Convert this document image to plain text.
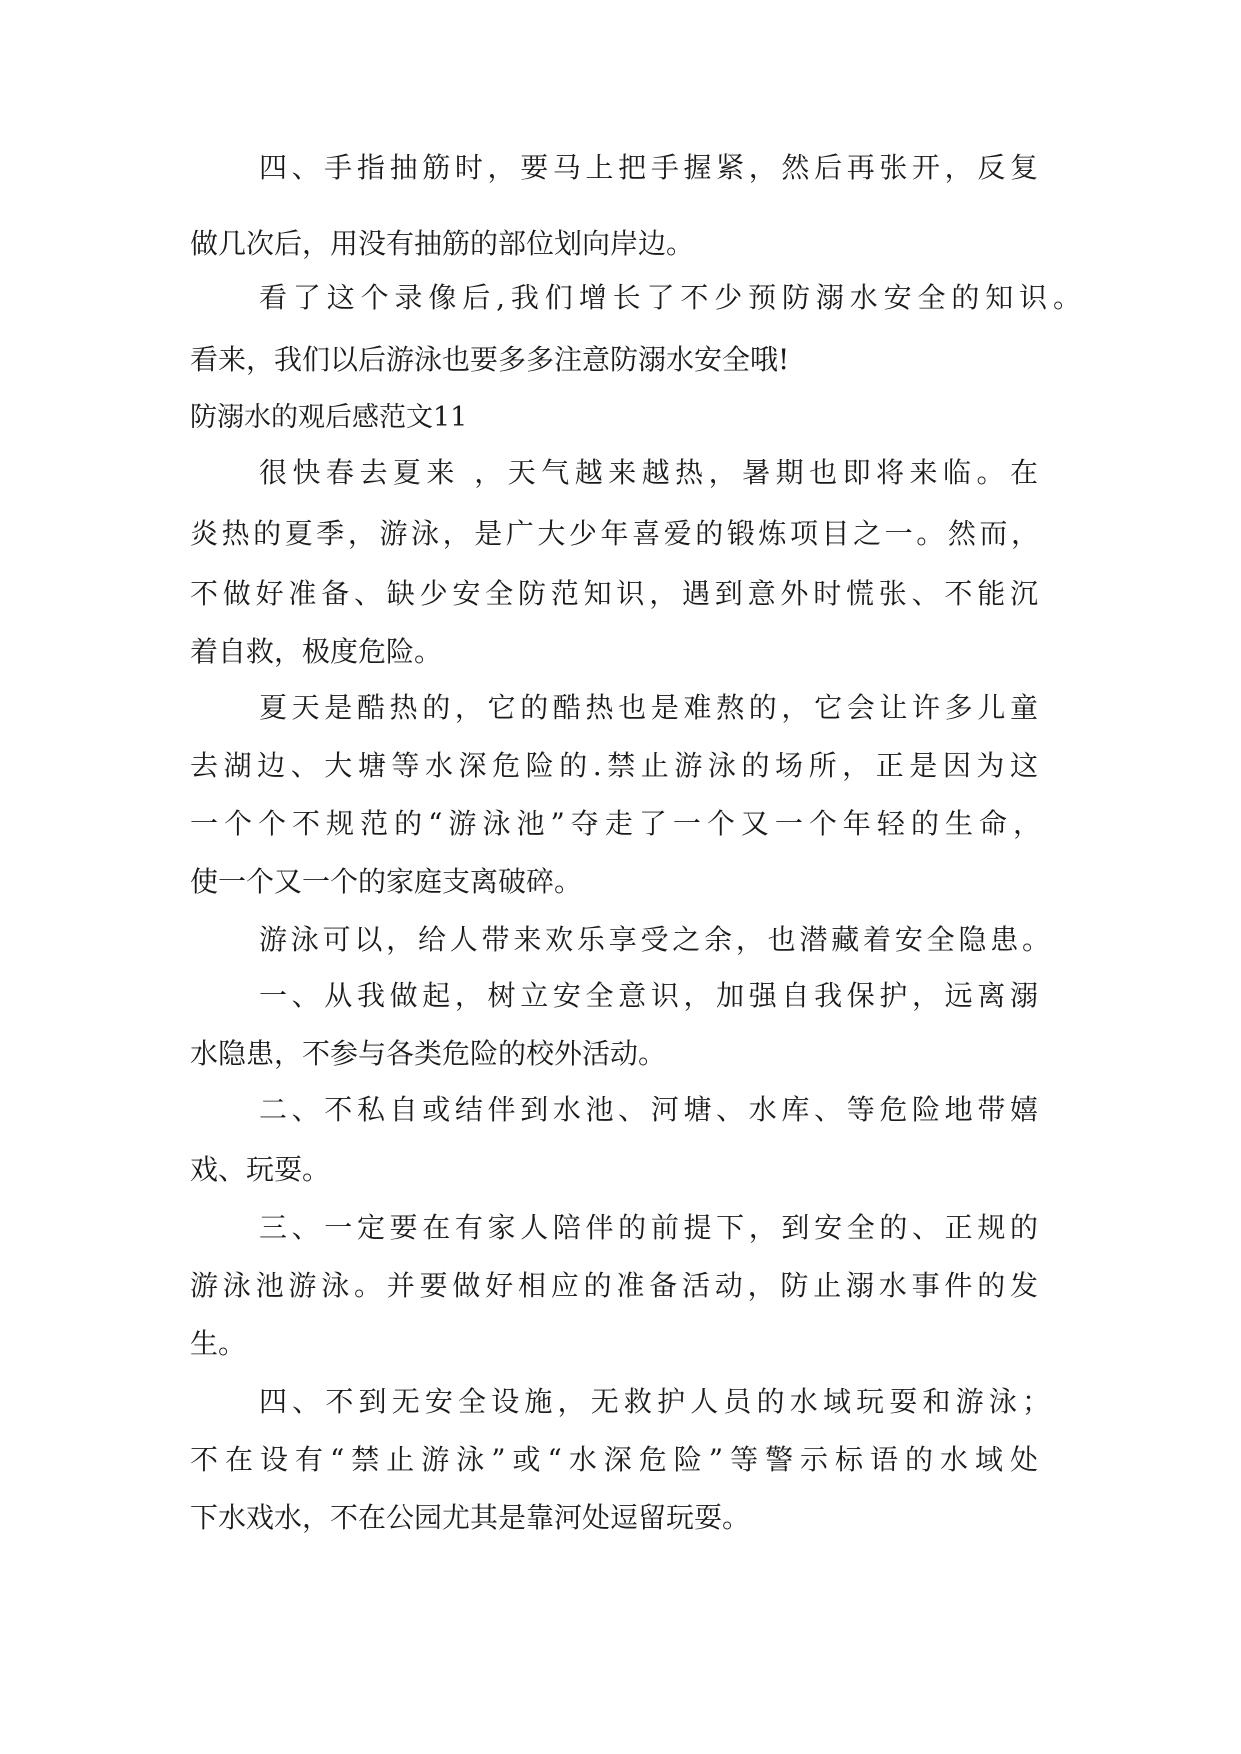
四、手指抽筋时，要马上把手握紧，然后再张开，反复
做几次后，用没有抽筋的部位划向岸边。
看了这个录像后,我们增长了不少预防溺水安全的知识。
看来，我们以后游泳也要多多注意防溺水安全哦!
防溺水的观后感范文11
很快春去夏来 ，天气越来越热，暑期也即将来临。在
炎热的夏季，游泳，是广大少年喜爱的锻炼项目之一。然而，
不做好准备、缺少安全防范知识，遇到意外时慌张、不能沉
着自救，极度危险。
夏天是酷热的，它的酷热也是难熬的，它会让许多儿童
去湖边、大塘等水深危险的.禁止游泳的场所，正是因为这
一个个不规范的“游泳池”夺走了一个又一个年轻的生命，
使一个又一个的家庭支离破碎。
游泳可以，给人带来欢乐享受之余，也潜藏着安全隐患。
一、从我做起，树立安全意识，加强自我保护，远离溺
水隐患，不参与各类危险的校外活动。
二、不私自或结伴到水池、河塘、水库、等危险地带嬉
戏、玩耍。
三、一定要在有家人陪伴的前提下，到安全的、正规的
游泳池游泳。并要做好相应的准备活动，防止溺水事件的发
生。
四、不到无安全设施，无救护人员的水域玩耍和游泳；
不在设有“禁止游泳”或“水深危险”等警示标语的水域处
下水戏水，不在公园尤其是靠河处逗留玩耍。
